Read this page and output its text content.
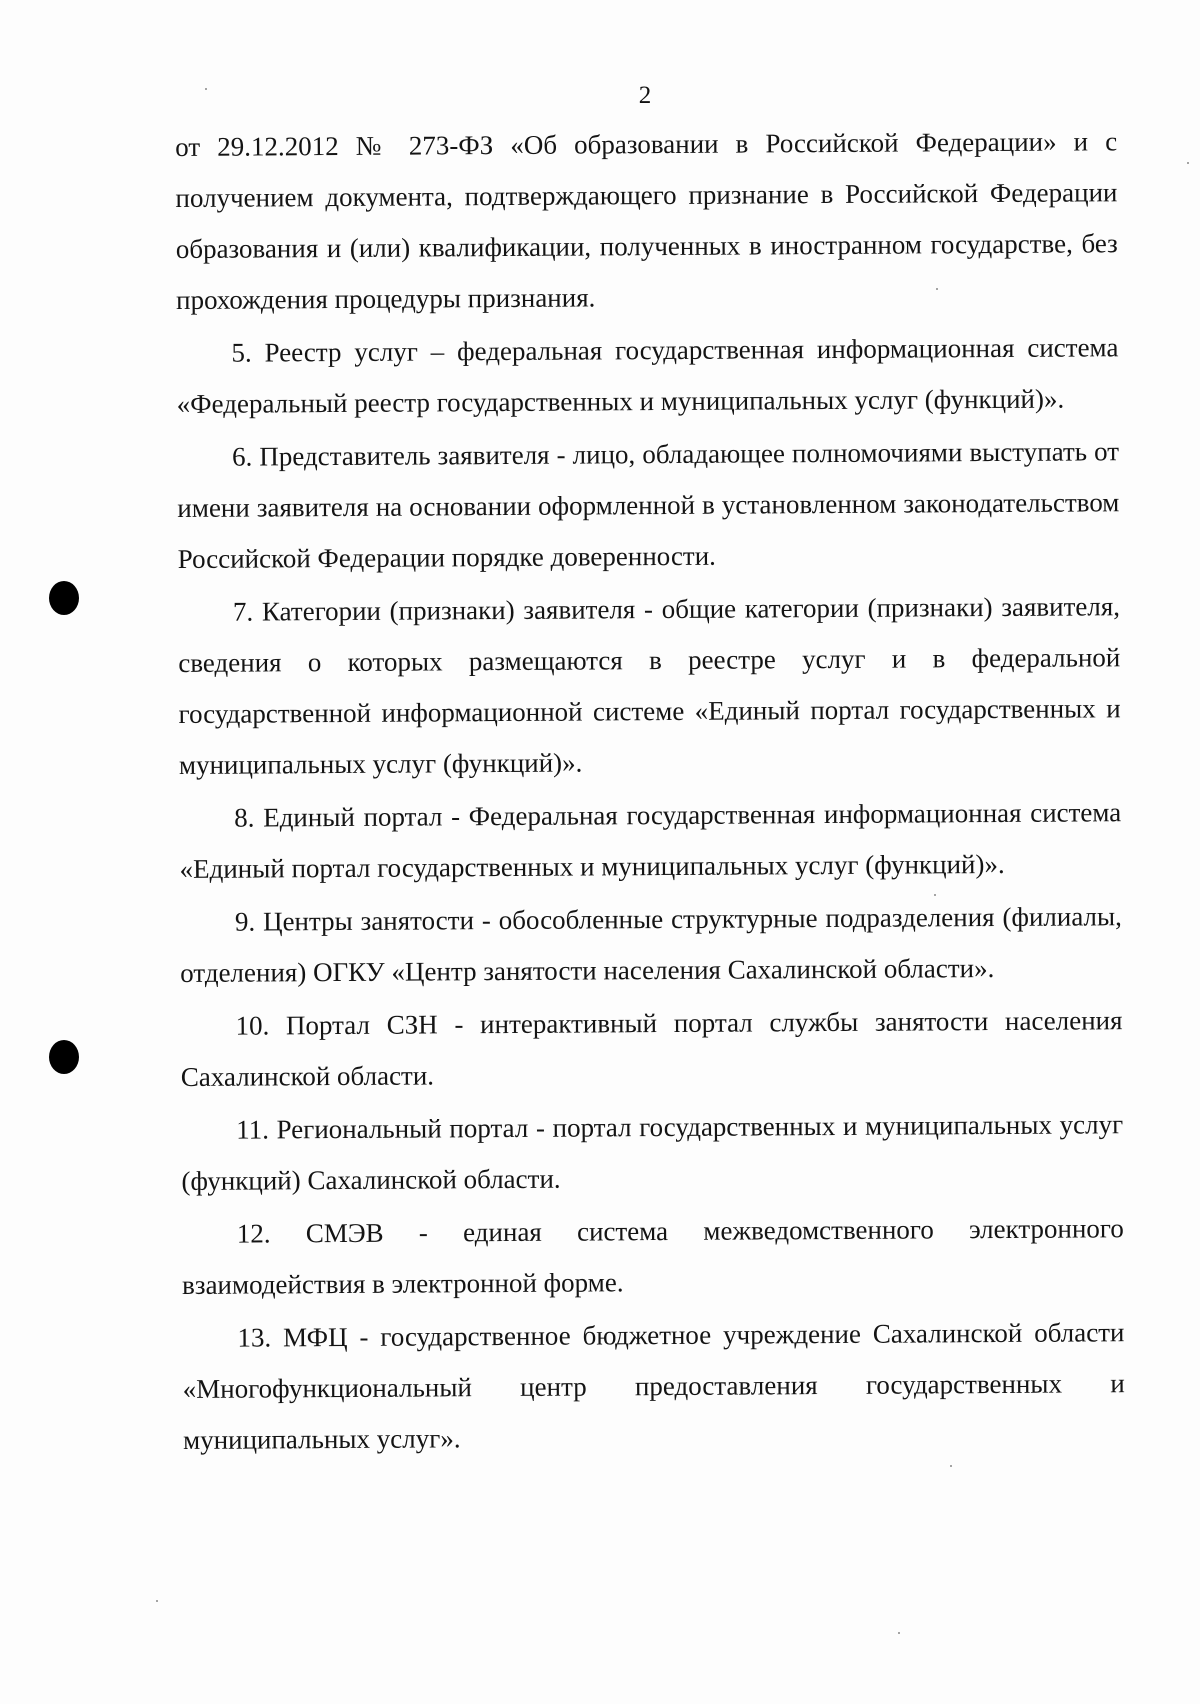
2

от 29.12.2012 № 273-ФЗ «Об образовании в Российской Федерации» и с получением документа, подтверждающего признание в Российской Федерации образования и (или) квалификации, полученных в иностранном государстве, без прохождения процедуры признания.

5. Реестр услуг – федеральная государственная информационная система «Федеральный реестр государственных и муниципальных услуг (функций)».

6. Представитель заявителя - лицо, обладающее полномочиями выступать от имени заявителя на основании оформленной в установленном законодательством Российской Федерации порядке доверенности.

7. Категории (признаки) заявителя - общие категории (признаки) заявителя, сведения о которых размещаются в реестре услуг и в федеральной государственной информационной системе «Единый портал государственных и муниципальных услуг (функций)».

8. Единый портал - Федеральная государственная информационная система «Единый портал государственных и муниципальных услуг (функций)».

9. Центры занятости - обособленные структурные подразделения (филиалы, отделения) ОГКУ «Центр занятости населения Сахалинской области».

10. Портал СЗН - интерактивный портал службы занятости населения Сахалинской области.

11. Региональный портал - портал государственных и муниципальных услуг (функций) Сахалинской области.

12. СМЭВ - единая система межведомственного электронного взаимодействия в электронной форме.

13. МФЦ - государственное бюджетное учреждение Сахалинской области «Многофункциональный центр предоставления государственных и муниципальных услуг».
